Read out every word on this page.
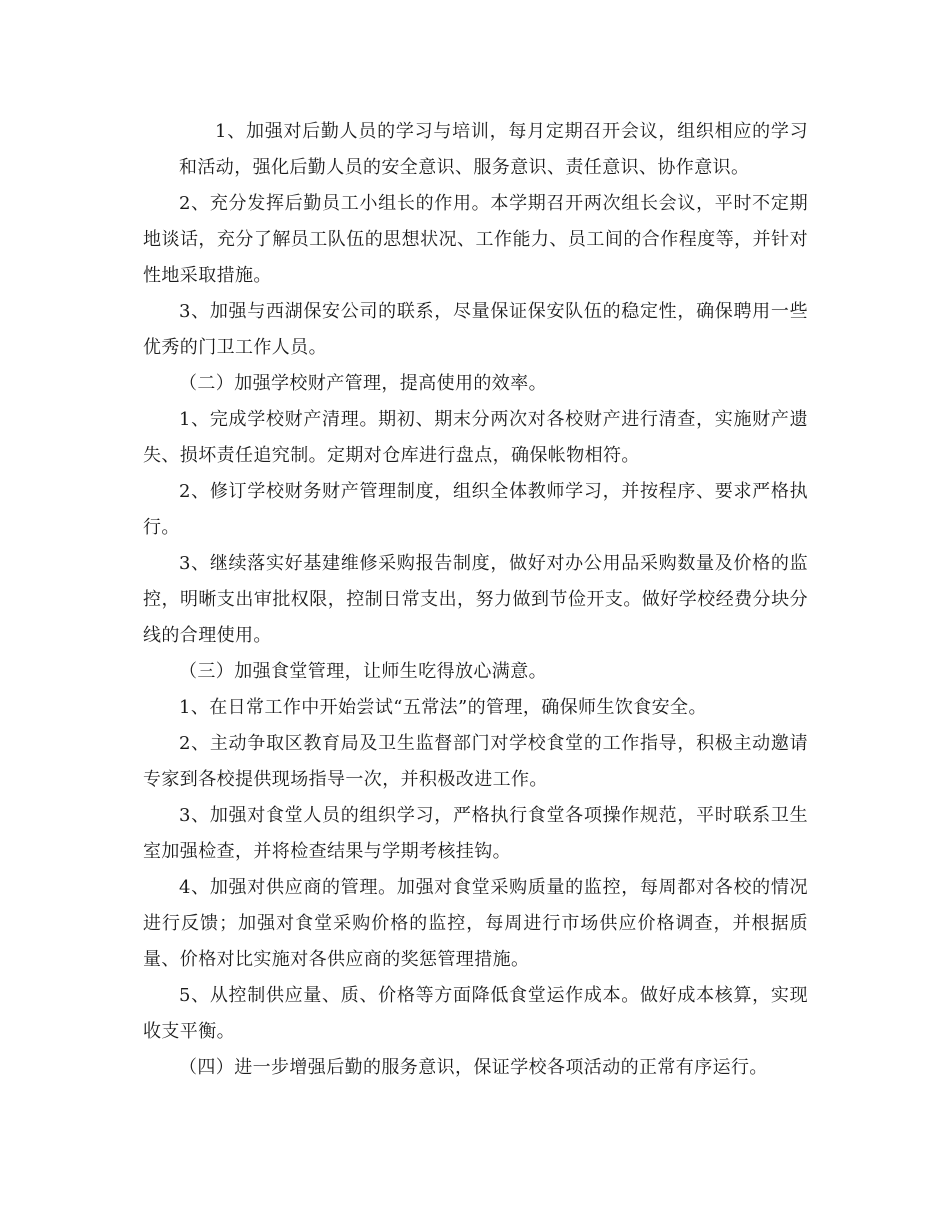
1、加强对后勤人员的学习与培训，每月定期召开会议，组织相应的学习和活动，强化后勤人员的安全意识、服务意识、责任意识、协作意识。

2、充分发挥后勤员工小组长的作用。本学期召开两次组长会议，平时不定期地谈话，充分了解员工队伍的思想状况、工作能力、员工间的合作程度等，并针对性地采取措施。

3、加强与西湖保安公司的联系，尽量保证保安队伍的稳定性，确保聘用一些优秀的门卫工作人员。

（二）加强学校财产管理，提高使用的效率。

1、完成学校财产清理。期初、期末分两次对各校财产进行清查，实施财产遗失、损坏责任追究制。定期对仓库进行盘点，确保帐物相符。

2、修订学校财务财产管理制度，组织全体教师学习，并按程序、要求严格执行。

3、继续落实好基建维修采购报告制度，做好对办公用品采购数量及价格的监控，明晰支出审批权限，控制日常支出，努力做到节俭开支。做好学校经费分块分线的合理使用。

（三）加强食堂管理，让师生吃得放心满意。

1、在日常工作中开始尝试“五常法”的管理，确保师生饮食安全。

2、主动争取区教育局及卫生监督部门对学校食堂的工作指导，积极主动邀请专家到各校提供现场指导一次，并积极改进工作。

3、加强对食堂人员的组织学习，严格执行食堂各项操作规范，平时联系卫生室加强检查，并将检查结果与学期考核挂钩。

4、加强对供应商的管理。加强对食堂采购质量的监控，每周都对各校的情况进行反馈；加强对食堂采购价格的监控，每周进行市场供应价格调查，并根据质量、价格对比实施对各供应商的奖惩管理措施。

5、从控制供应量、质、价格等方面降低食堂运作成本。做好成本核算，实现收支平衡。

（四）进一步增强后勤的服务意识，保证学校各项活动的正常有序运行。
